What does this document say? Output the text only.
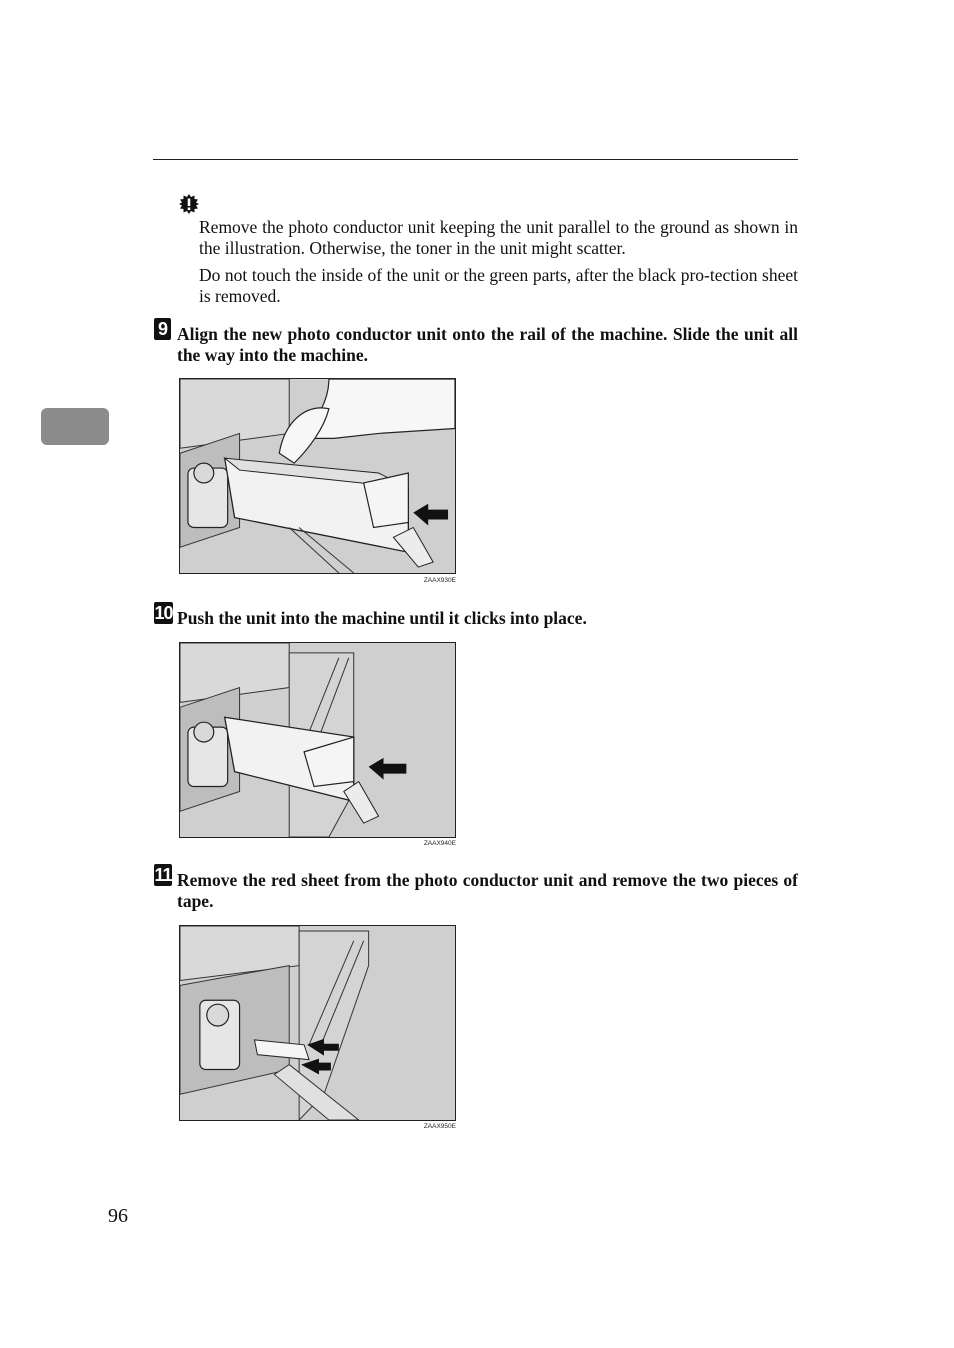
Remove the photo conductor unit keeping the unit parallel to the ground as shown in the illustration. Otherwise, the toner in the unit might scatter.

Do not touch the inside of the unit or the green parts, after the black pro-tection sheet is removed.

9 Align the new photo conductor unit onto the rail of the machine. Slide the unit all the way into the machine.

ZAAX930E
10 Push the unit into the machine until it clicks into place.

ZAAX940E
11 Remove the red sheet from the photo conductor unit and remove the two pieces of tape.

ZAAX950E
96
